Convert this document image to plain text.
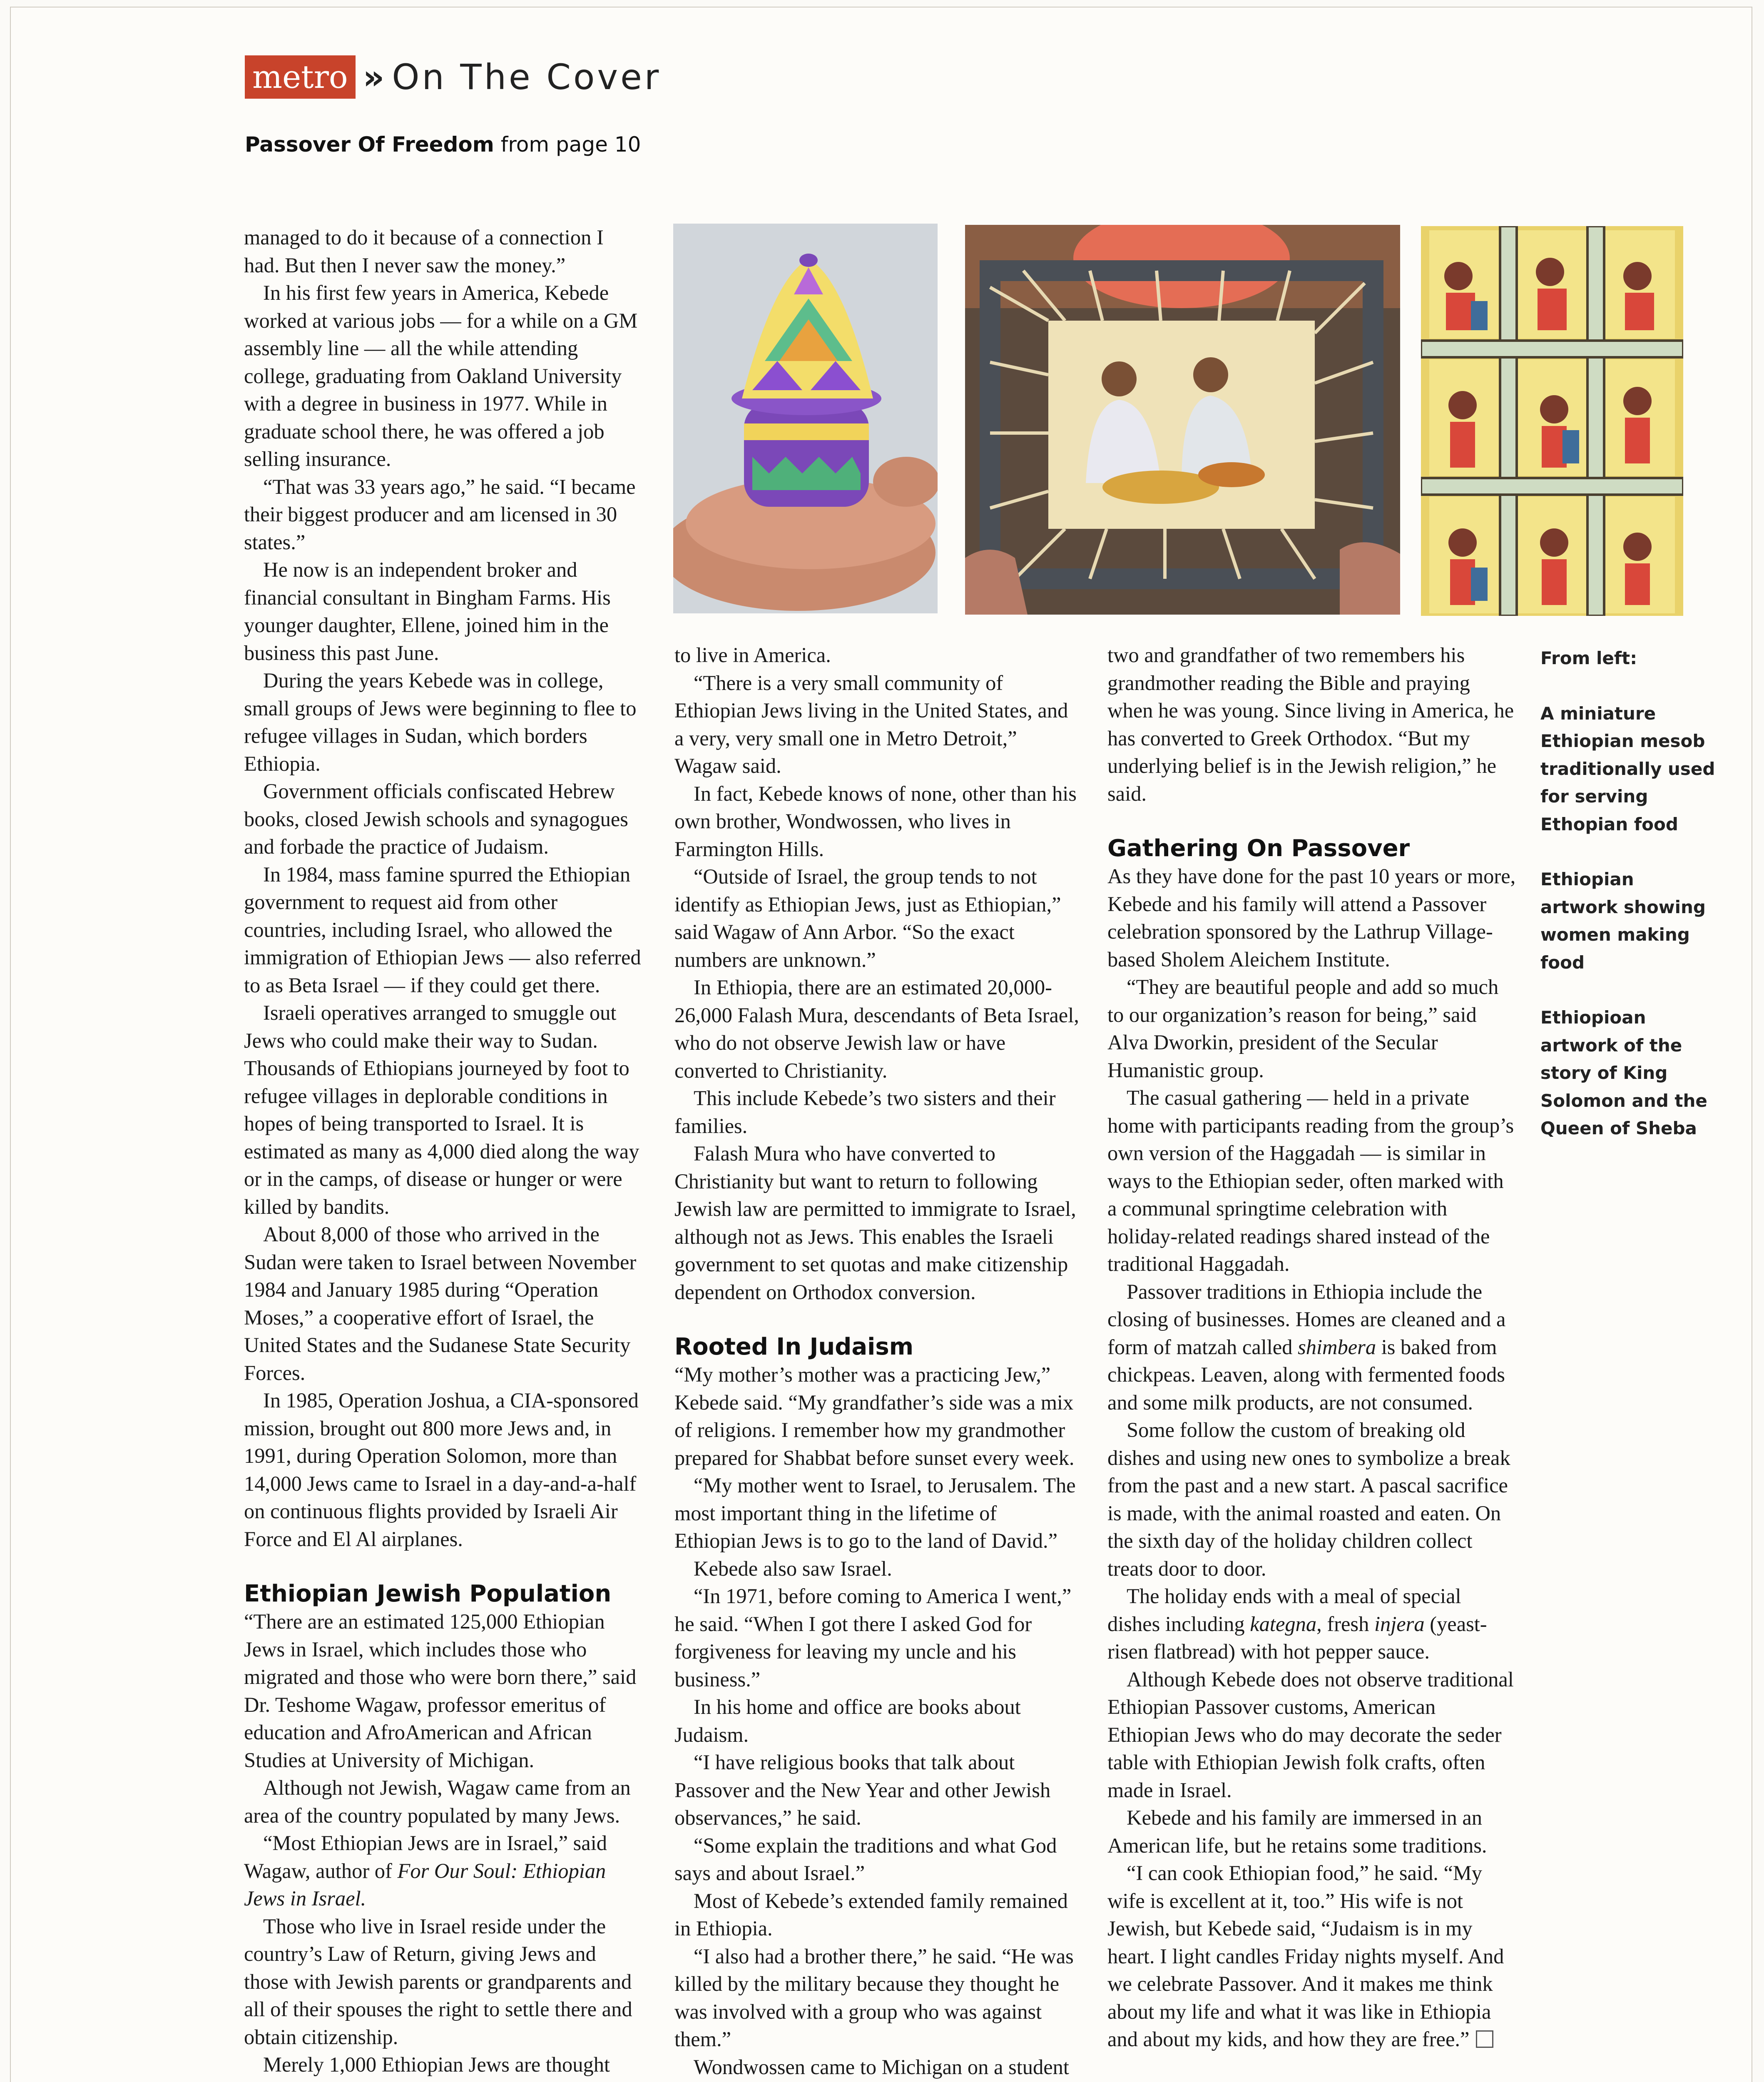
metro » On The Cover
Passover Of Freedom from page 10

managed to do it because of a connection I had. But then I never saw the money.”

In his first few years in America, Kebede worked at various jobs — for a while on a GM assembly line — all the while attending college, graduating from Oakland University with a degree in business in 1977. While in graduate school there, he was offered a job selling insurance.

“That was 33 years ago,” he said. “I became their biggest producer and am licensed in 30 states.”

He now is an independent broker and financial consultant in Bingham Farms. His younger daughter, Ellene, joined him in the business this past June.

During the years Kebede was in college, small groups of Jews were beginning to flee to refugee villages in Sudan, which borders Ethiopia.

Government officials confiscated Hebrew books, closed Jewish schools and synagogues and forbade the practice of Judaism.

In 1984, mass famine spurred the Ethiopian government to request aid from other countries, including Israel, who allowed the immigration of Ethiopian Jews — also referred to as Beta Israel — if they could get there.

Israeli operatives arranged to smuggle out Jews who could make their way to Sudan. Thousands of Ethiopians journeyed by foot to refugee villages in deplorable conditions in hopes of being transported to Israel. It is estimated as many as 4,000 died along the way or in the camps, of disease or hunger or were killed by bandits.

About 8,000 of those who arrived in the Sudan were taken to Israel between November 1984 and January 1985 during “Operation Moses,” a cooperative effort of Israel, the United States and the Sudanese State Security Forces.

In 1985, Operation Joshua, a CIA-sponsored mission, brought out 800 more Jews and, in 1991, during Operation Solomon, more than 14,000 Jews came to Israel in a day-and-a-half on continuous flights provided by Israeli Air Force and El Al airplanes.

Ethiopian Jewish Population

“There are an estimated 125,000 Ethiopian Jews in Israel, which includes those who migrated and those who were born there,” said Dr. Teshome Wagaw, professor emeritus of education and AfroAmerican and African Studies at University of Michigan.

Although not Jewish, Wagaw came from an area of the country populated by many Jews.

“Most Ethiopian Jews are in Israel,” said Wagaw, author of For Our Soul: Ethiopian Jews in Israel.

Those who live in Israel reside under the country’s Law of Return, giving Jews and those with Jewish parents or grandparents and all of their spouses the right to settle there and obtain citizenship.

Merely 1,000 Ethiopian Jews are thought

to live in America.

“There is a very small community of Ethiopian Jews living in the United States, and a very, very small one in Metro Detroit,” Wagaw said.

In fact, Kebede knows of none, other than his own brother, Wondwossen, who lives in Farmington Hills.

“Outside of Israel, the group tends to not identify as Ethiopian Jews, just as Ethiopian,” said Wagaw of Ann Arbor. “So the exact numbers are unknown.”

In Ethiopia, there are an estimated 20,000-26,000 Falash Mura, descendants of Beta Israel, who do not observe Jewish law or have converted to Christianity.

This include Kebede’s two sisters and their families.

Falash Mura who have converted to Christianity but want to return to following Jewish law are permitted to immigrate to Israel, although not as Jews. This enables the Israeli government to set quotas and make citizenship dependent on Orthodox conversion.

Rooted In Judaism

“My mother’s mother was a practicing Jew,” Kebede said. “My grandfather’s side was a mix of religions. I remember how my grandmother prepared for Shabbat before sunset every week.

“My mother went to Israel, to Jerusalem. The most important thing in the lifetime of Ethiopian Jews is to go to the land of David.”

Kebede also saw Israel.

“In 1971, before coming to America I went,” he said. “When I got there I asked God for forgiveness for leaving my uncle and his business.”

In his home and office are books about Judaism.

“I have religious books that talk about Passover and the New Year and other Jewish observances,” he said.

“Some explain the traditions and what God says and about Israel.”

Most of Kebede’s extended family remained in Ethiopia.

“I also had a brother there,” he said. “He was killed by the military because they thought he was involved with a group who was against them.”

Wondwossen came to Michigan on a student

two and grandfather of two remembers his grandmother reading the Bible and praying when he was young. Since living in America, he has converted to Greek Orthodox. “But my underlying belief is in the Jewish religion,” he said.

Gathering On Passover

As they have done for the past 10 years or more, Kebede and his family will attend a Passover celebration sponsored by the Lathrup Village-based Sholem Aleichem Institute.

“They are beautiful people and add so much to our organization’s reason for being,” said Alva Dworkin, president of the Secular Humanistic group.

The casual gathering — held in a private home with participants reading from the group’s own version of the Haggadah — is similar in ways to the Ethiopian seder, often marked with a communal springtime celebration with holiday-related readings shared instead of the traditional Haggadah.

Passover traditions in Ethiopia include the closing of businesses. Homes are cleaned and a form of matzah called shimbera is baked from chickpeas. Leaven, along with fermented foods and some milk products, are not consumed.

Some follow the custom of breaking old dishes and using new ones to symbolize a break from the past and a new start. A pascal sacrifice is made, with the animal roasted and eaten. On the sixth day of the holiday children collect treats door to door.

The holiday ends with a meal of special dishes including kategna, fresh injera (yeast-risen flatbread) with hot pepper sauce.

Although Kebede does not observe traditional Ethiopian Passover customs, American Ethiopian Jews who do may decorate the seder table with Ethiopian Jewish folk crafts, often made in Israel.

Kebede and his family are immersed in an American life, but he retains some traditions.

“I can cook Ethiopian food,” he said. “My wife is excellent at it, too.” His wife is not Jewish, but Kebede said, “Judaism is in my heart. I light candles Friday nights myself. And we celebrate Passover. And it makes me think about my life and what it was like in Ethiopia and about my kids, and how they are free.”

From left:
A miniature Ethiopian mesob traditionally used for serving Ethopian food
Ethiopian artwork showing women making food
Ethiopioan artwork of the story of King Solomon and the Queen of Sheba
